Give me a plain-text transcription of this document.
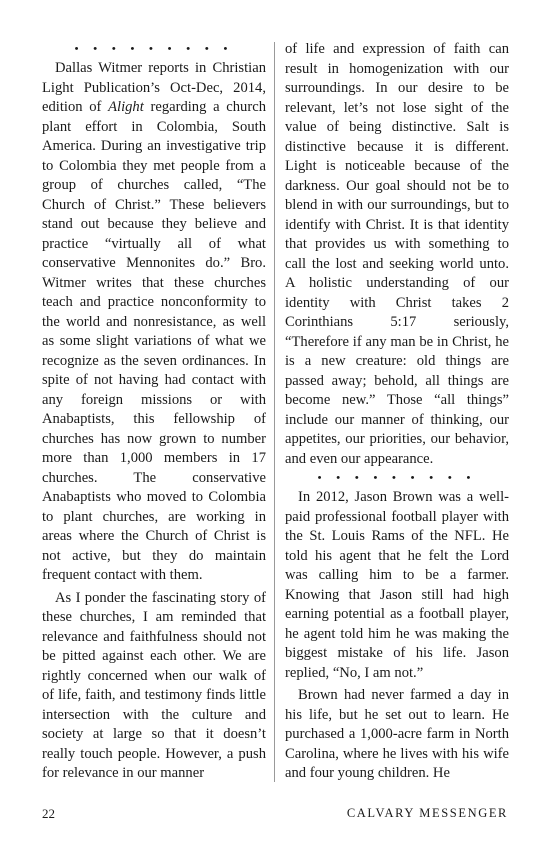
• • • • • • • • •

Dallas Witmer reports in Christian Light Publication’s Oct-Dec, 2014, edition of Alight regarding a church plant effort in Colombia, South America. During an investigative trip to Colombia they met people from a group of churches called, “The Church of Christ.” These believers stand out because they believe and practice “virtually all of what conservative Mennonites do.” Bro. Witmer writes that these churches teach and practice nonconformity to the world and nonresistance, as well as some slight variations of what we recognize as the seven ordinances. In spite of not having had contact with any foreign missions or with Anabaptists, this fellowship of churches has now grown to number more than 1,000 members in 17 churches. The conservative Anabaptists who moved to Colombia to plant churches, are working in areas where the Church of Christ is not active, but they do maintain frequent contact with them.

As I ponder the fascinating story of these churches, I am reminded that relevance and faithfulness should not be pitted against each other. We are rightly concerned when our walk of of life, faith, and testimony finds little intersection with the culture and society at large so that it doesn’t really touch people. However, a push for relevance in our manner

of life and expression of faith can result in homogenization with our surroundings. In our desire to be relevant, let’s not lose sight of the value of being distinctive. Salt is distinctive because it is different. Light is noticeable because of the darkness. Our goal should not be to blend in with our surroundings, but to identify with Christ. It is that identity that provides us with something to call the lost and seeking world unto. A holistic understanding of our identity with Christ takes 2 Corinthians 5:17 seriously, “Therefore if any man be in Christ, he is a new creature: old things are passed away; behold, all things are become new.” Those “all things” include our manner of thinking, our appetites, our priorities, our behavior, and even our appearance.

• • • • • • • • •

In 2012, Jason Brown was a well-paid professional football player with the St. Louis Rams of the NFL. He told his agent that he felt the Lord was calling him to be a farmer. Knowing that Jason still had high earning potential as a football player, he agent told him he was making the biggest mistake of his life. Jason replied, “No, I am not.”

Brown had never farmed a day in his life, but he set out to learn. He purchased a 1,000-acre farm in North Carolina, where he lives with his wife and four young children. He

22	CALVARY MESSENGER
